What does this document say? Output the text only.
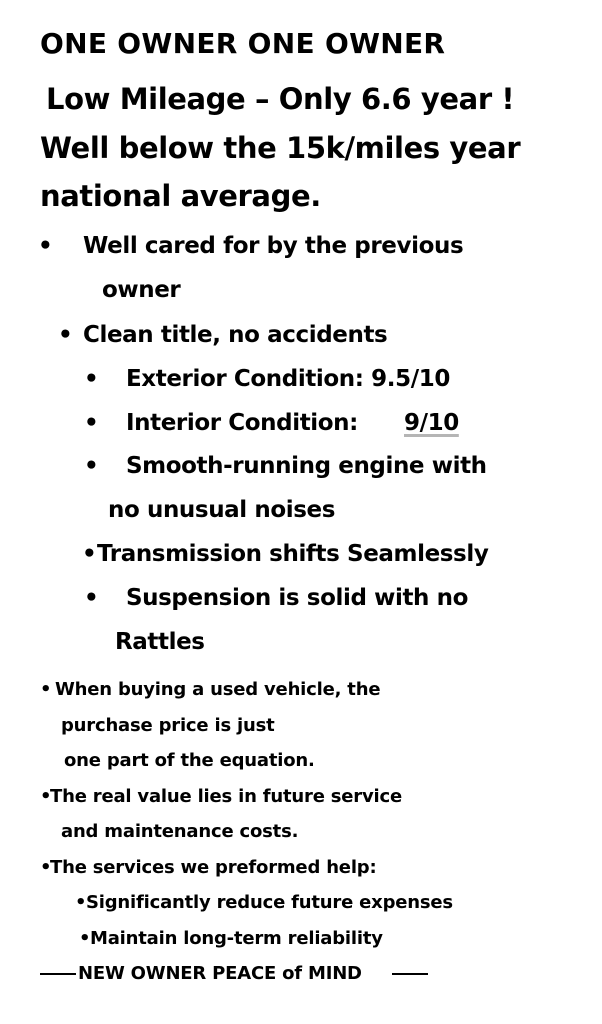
ONE OWNER ONE OWNER
Low Mileage – Only 6.6 year !
Well below the 15k/miles year
national average.
• Well cared for by the previous
owner
• Clean title, no accidents
• Exterior Condition: 9.5/10
• Interior Condition: 9/10
• Smooth-running engine with
no unusual noises
• Transmission shifts Seamlessly
• Suspension is solid with no
Rattles
• When buying a used vehicle, the
purchase price is just
one part of the equation.
•
The real value lies in future service
and maintenance costs.
•
The services we preformed help:
• Significantly reduce future expenses
• Maintain long-term reliability
NEW OWNER PEACE of MIND
